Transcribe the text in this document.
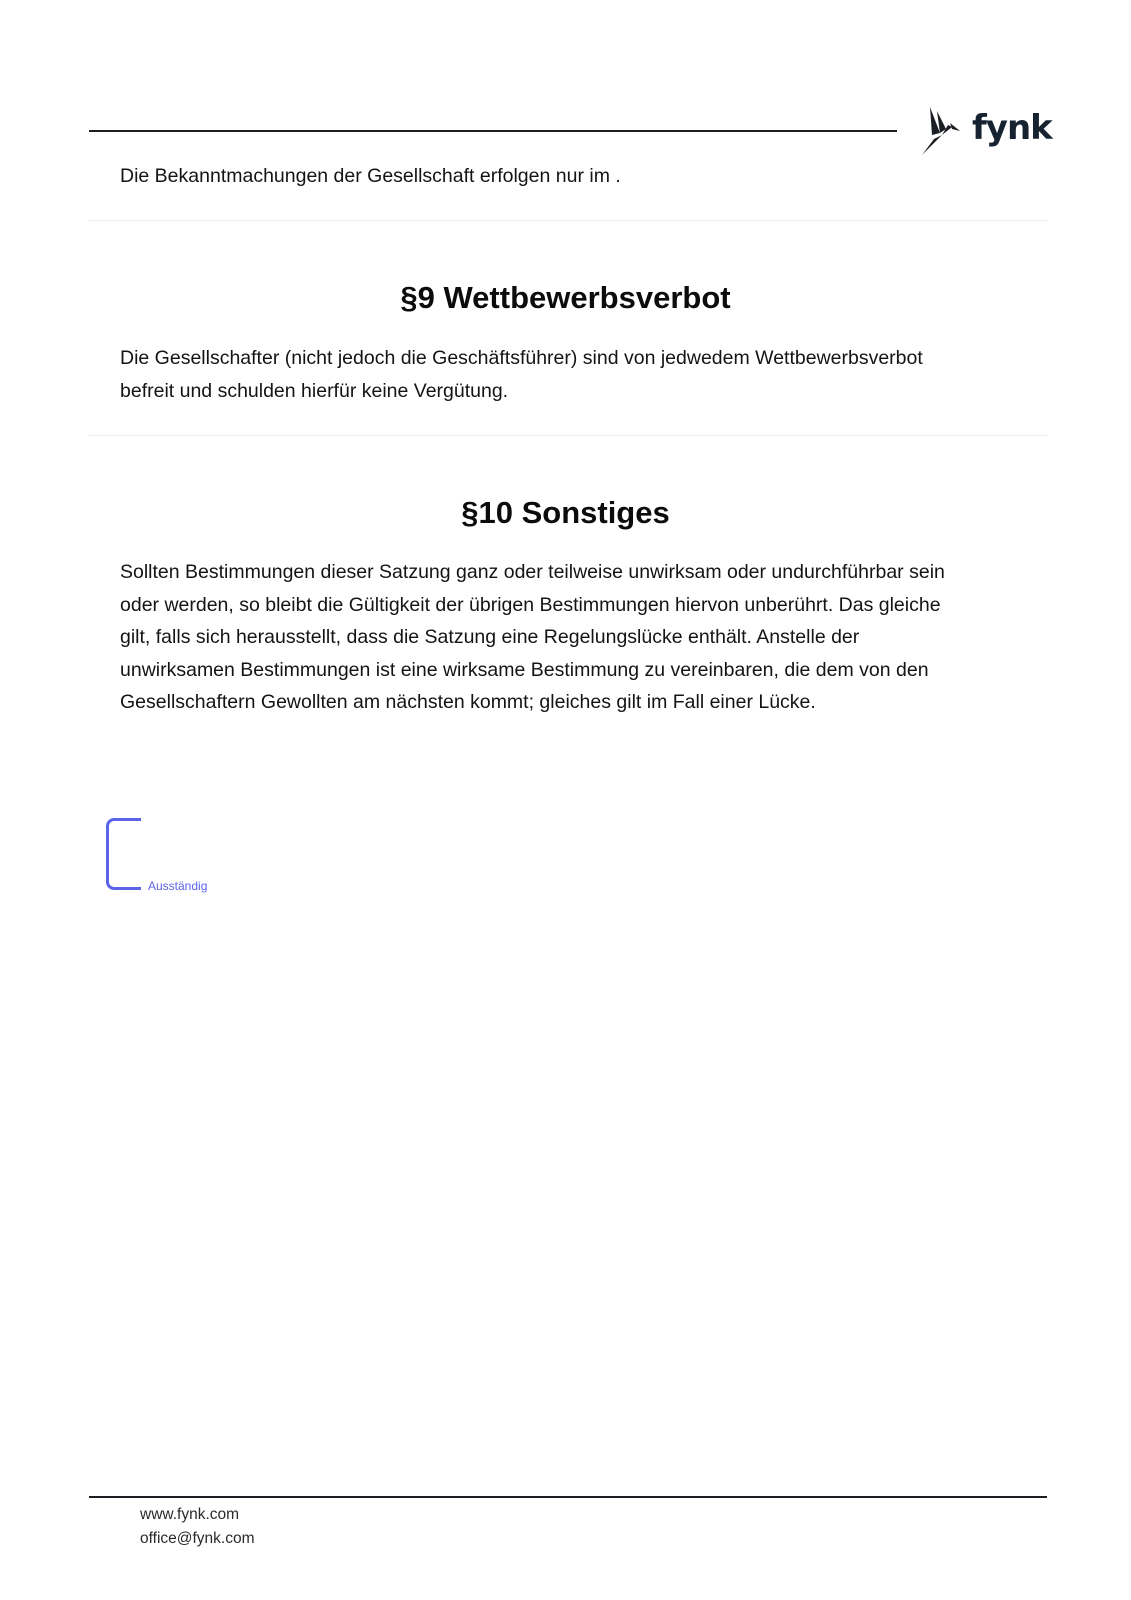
fynk
Die Bekanntmachungen der Gesellschaft erfolgen nur im .
§9 Wettbewerbsverbot
Die Gesellschafter (nicht jedoch die Geschäftsführer) sind von jedwedem Wettbewerbsverbot
befreit und schulden hierfür keine Vergütung.
§10 Sonstiges
Sollten Bestimmungen dieser Satzung ganz oder teilweise unwirksam oder undurchführbar sein
oder werden, so bleibt die Gültigkeit der übrigen Bestimmungen hiervon unberührt. Das gleiche
gilt, falls sich herausstellt, dass die Satzung eine Regelungslücke enthält. Anstelle der
unwirksamen Bestimmungen ist eine wirksame Bestimmung zu vereinbaren, die dem von den
Gesellschaftern Gewollten am nächsten kommt; gleiches gilt im Fall einer Lücke.
Ausständig
www.fynk.com
office@fynk.com
